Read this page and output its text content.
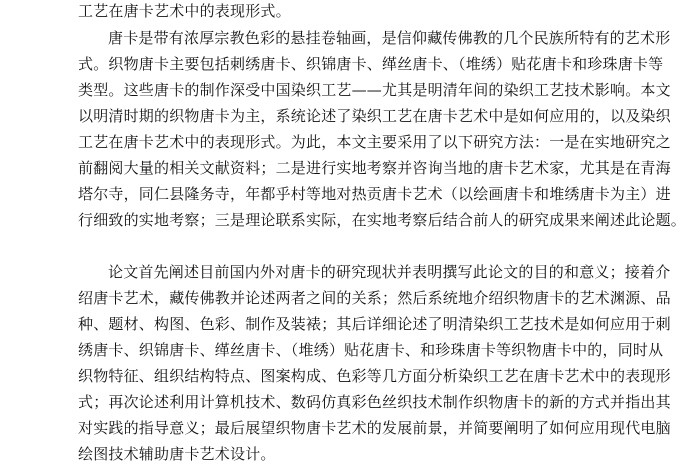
工艺在唐卡艺术中的表现形式。
唐卡是带有浓厚宗教色彩的悬挂卷轴画，是信仰藏传佛教的几个民族所特有的艺术形
式。织物唐卡主要包括刺绣唐卡、织锦唐卡、缂丝唐卡、（堆绣）贴花唐卡和珍珠唐卡等
类型。这些唐卡的制作深受中国染织工艺——尤其是明清年间的染织工艺技术影响。本文
以明清时期的织物唐卡为主，系统论述了染织工艺在唐卡艺术中是如何应用的，以及染织
工艺在唐卡艺术中的表现形式。为此，本文主要采用了以下研究方法：一是在实地研究之
前翻阅大量的相关文献资料；二是进行实地考察并咨询当地的唐卡艺术家，尤其是在青海
塔尔寺，同仁县隆务寺，年都乎村等地对热贡唐卡艺术（以绘画唐卡和堆绣唐卡为主）进
行细致的实地考察；三是理论联系实际，在实地考察后结合前人的研究成果来阐述此论题。
论文首先阐述目前国内外对唐卡的研究现状并表明撰写此论文的目的和意义；接着介
绍唐卡艺术，藏传佛教并论述两者之间的关系；然后系统地介绍织物唐卡的艺术渊源、品
种、题材、构图、色彩、制作及装裱；其后详细论述了明清染织工艺技术是如何应用于刺
绣唐卡、织锦唐卡、缂丝唐卡、（堆绣）贴花唐卡、和珍珠唐卡等织物唐卡中的，同时从
织物特征、组织结构特点、图案构成、色彩等几方面分析染织工艺在唐卡艺术中的表现形
式；再次论述利用计算机技术、数码仿真彩色丝织技术制作织物唐卡的新的方式并指出其
对实践的指导意义；最后展望织物唐卡艺术的发展前景，并简要阐明了如何应用现代电脑
绘图技术辅助唐卡艺术设计。
